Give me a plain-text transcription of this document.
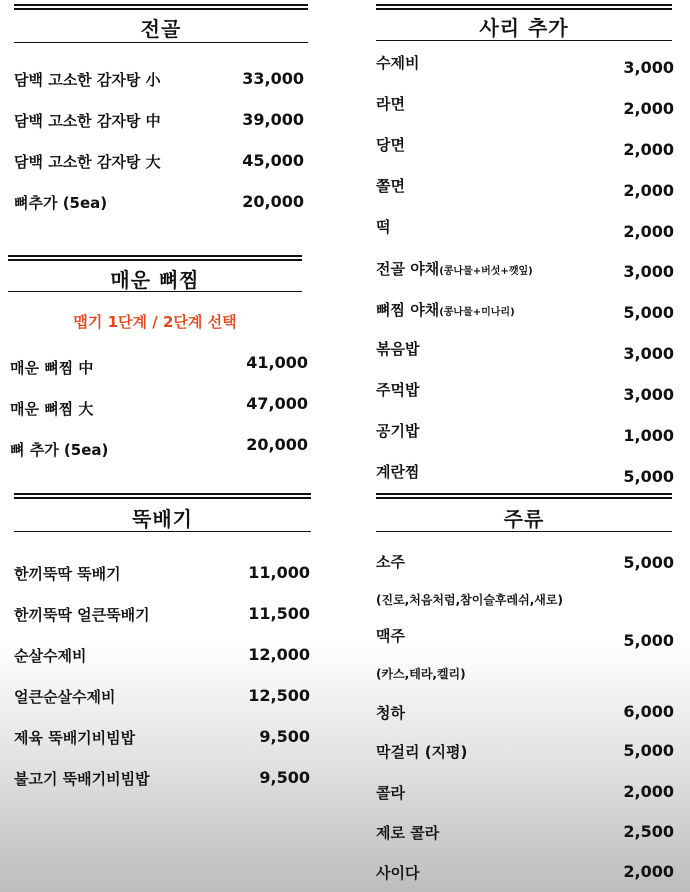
전골
담백 고소한 감자탕 小	33,000
담백 고소한 감자탕 中	39,000
담백 고소한 감자탕 大	45,000
뼈추가 (5ea)	20,000
매운 뼈찜
맵기 1단계 / 2단계 선택
매운 뼈찜 中	41,000
매운 뼈찜 大	47,000
뼈 추가 (5ea)	20,000
뚝배기
한끼뚝딱 뚝배기	11,000
한끼뚝딱 얼큰뚝배기	11,500
순살수제비	12,000
얼큰순살수제비	12,500
제육 뚝배기비빔밥	9,500
불고기 뚝배기비빔밥	9,500
사리 추가
수제비	3,000
라면	2,000
당면	2,000
쫄면	2,000
떡	2,000
전골 야채(콩나물+버섯+깻잎)	3,000
뼈찜 야채(콩나물+미나리)	5,000
볶음밥	3,000
주먹밥	3,000
공기밥	1,000
계란찜	5,000
주류
소주	5,000
(진로,처음처럼,참이슬후레쉬,새로)
맥주	5,000
(카스,테라,켈리)
청하	6,000
막걸리 (지평)	5,000
콜라	2,000
제로 콜라	2,500
사이다	2,000
